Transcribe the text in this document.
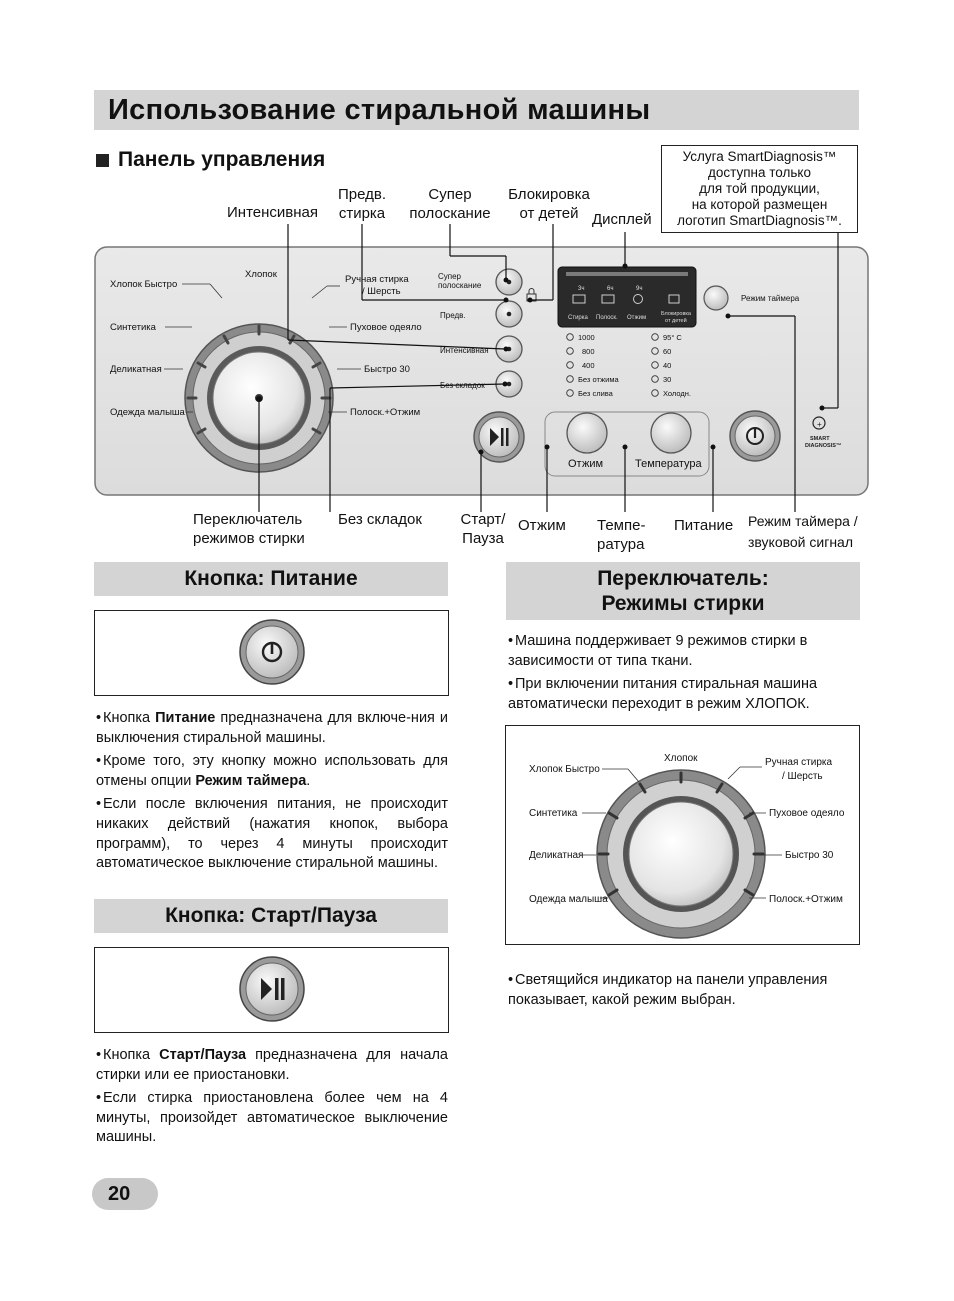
Использование стиральной машины
Панель управления	Услуга SmartDiagnosis™
доступна только
для той продукции,
на которой размещен
логотип SmartDiagnosis™.
Интенсивная
Предв.
стирка
Супер
полоскание
Блокировка
от детей Дисплей
Хлопок Быстро
Синтетика
Деликатная
Одежда малыша
Хлопок	Ручная стирка
/ Шерсть
Пуховое одеяло
Быстро 30
Полоск.+Отжим
Супер
полоскание
Предв.
Интенсивная
Без складок
3ч	6ч	9ч
Стирка Полоск. Отжим
Блокировка
от детей
1000
800
400
Без отжима
Без слива
95° C
60
40
30
Холодн.
Режим таймера
Отжим	Температура
+
SMART
DIAGNOSIS™
Переключатель
режимов стирки
Без складок	Старт/
Пауза
Отжим Темпе-
ратура
Питание Режим таймера /
звуковой сигнал
Кнопка: Питание

• Кнопка Питание предназначена для включе-ния и выключения стиральной машины.

• Кроме того, эту кнопку можно использовать для отмены опции Режим таймера.

• Если после включения питания, не происходит никаких действий (нажатия кнопок, выбора программ), то через 4 минуты происходит автоматическое выключение стиральной машины.

Кнопка: Старт/Пауза

• Кнопка Старт/Пауза предназначена для начала стирки или ее приостановки.

• Если стирка приостановлена более чем на 4 минуты, произойдет автоматическое выключение машины.

Переключатель:
Режимы стирки

• Машина поддерживает 9 режимов стирки в зависимости от типа ткани.

• При включении питания стиральная машина автоматически переходит в режим ХЛОПОК.

Хлопок Быстро
Синтетика
Деликатная
Одежда малыша
Хлопок	Ручная стирка
/ Шерсть
Пуховое одеяло
Быстро 30
Полоск.+Отжим

• Светящийся индикатор на панели управления показывает, какой режим выбран.

20
